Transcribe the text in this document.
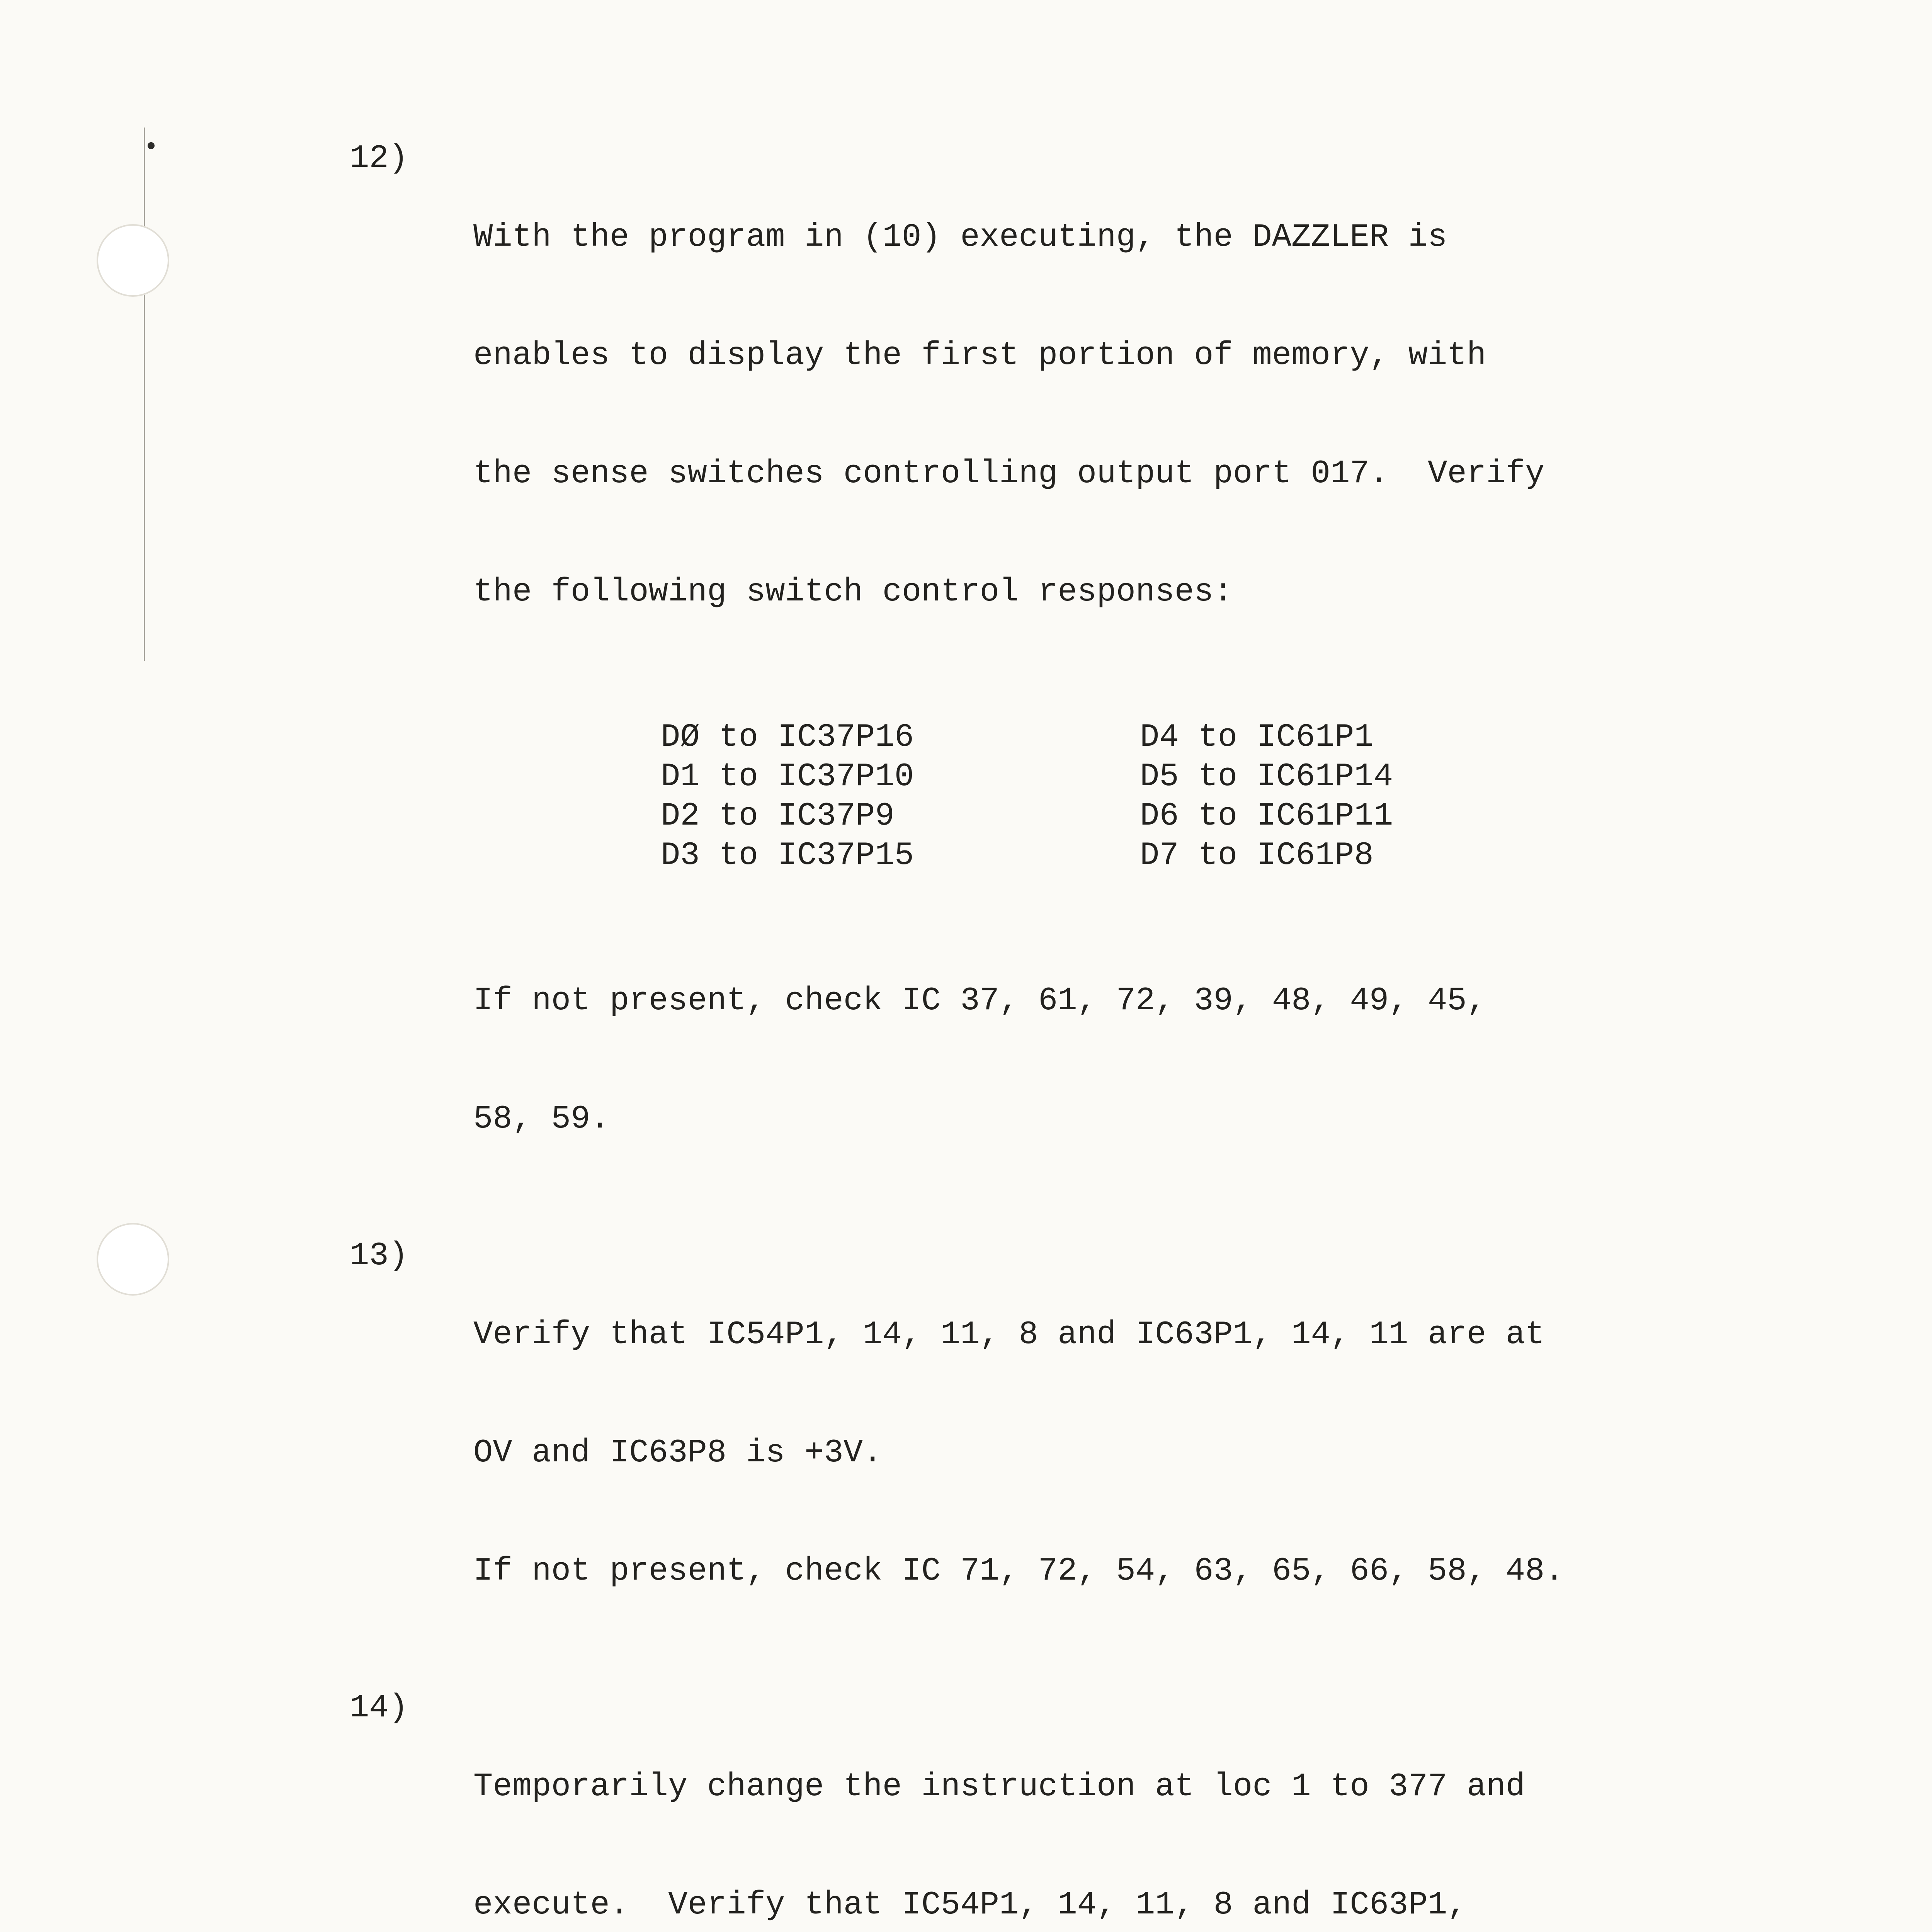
12)

With the program in (10) executing, the DAZZLER is

enables to display the first portion of memory, with

the sense switches controlling output port 017.  Verify

the following switch control responses:

DØ to IC37P16	D4 to IC61P1
D1 to IC37P10	D5 to IC61P14
D2 to IC37P9	D6 to IC61P11
D3 to IC37P15	D7 to IC61P8

If not present, check IC 37, 61, 72, 39, 48, 49, 45,

58, 59.

13)

Verify that IC54P1, 14, 11, 8 and IC63P1, 14, 11 are at

OV and IC63P8 is +3V.

If not present, check IC 71, 72, 54, 63, 65, 66, 58, 48.

14)

Temporarily change the instruction at loc 1 to 377 and

execute.  Verify that IC54P1, 14, 11, 8 and IC63P1,
